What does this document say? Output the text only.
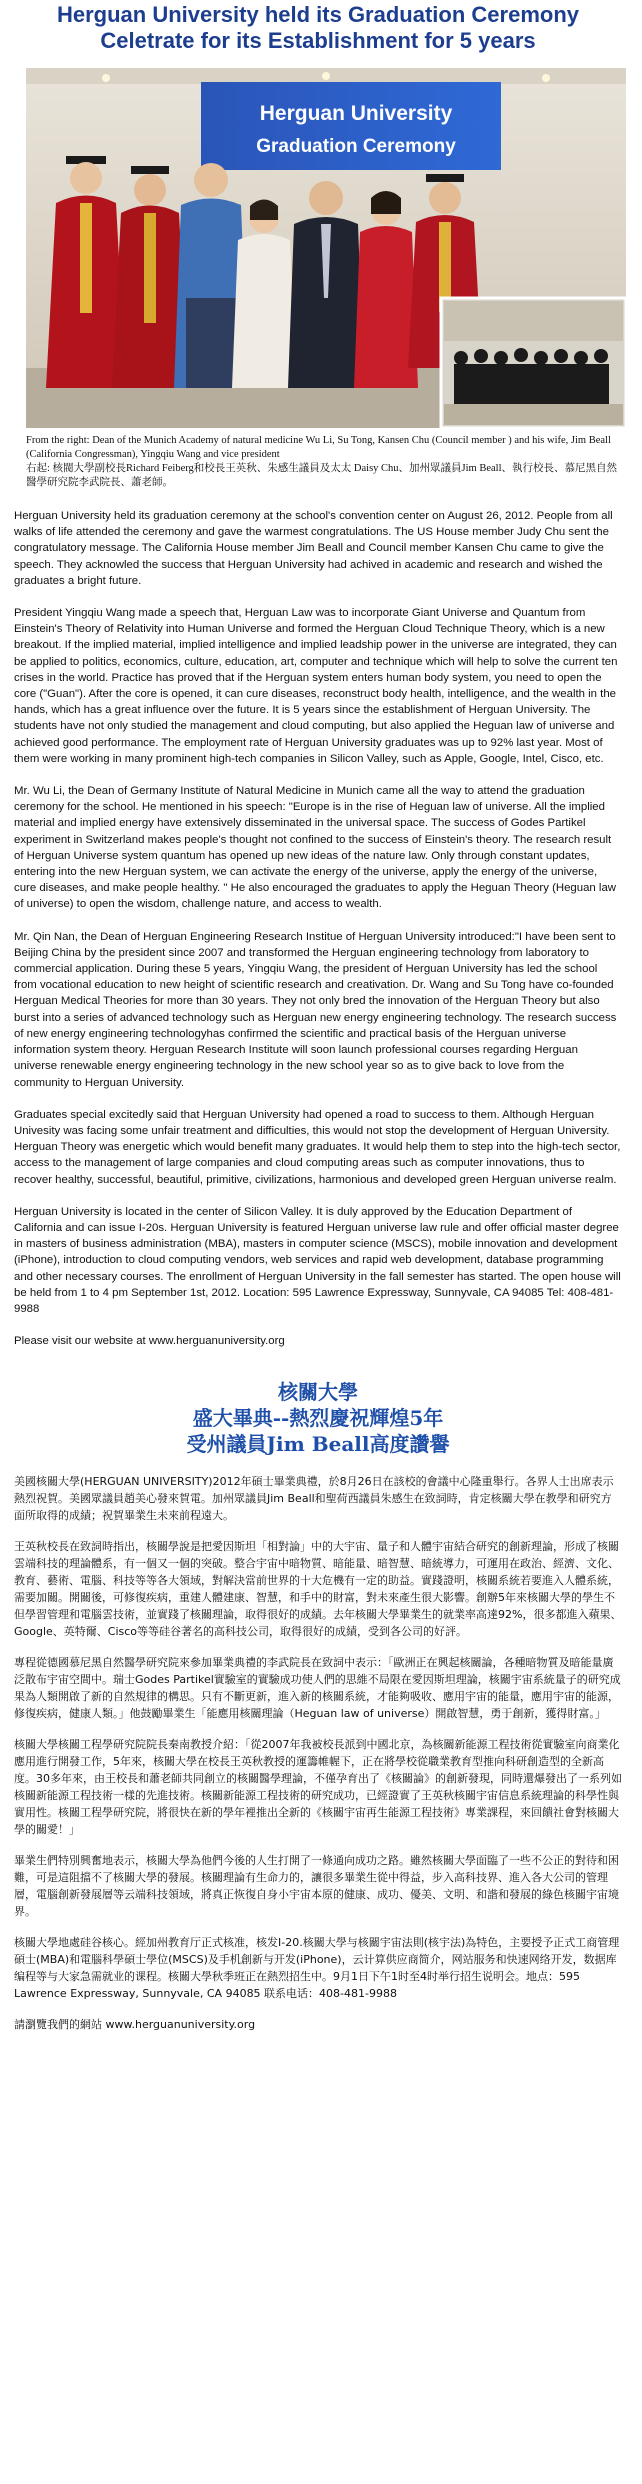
Herguan University held its Graduation Ceremony
Celetrate for its Establishment for 5 years
Herguan University
Graduation Ceremony
From the right: Dean of the Munich Academy of natural medicine Wu Li, Su Tong, Kansen Chu (Council member ) and his wife, Jim Beall (California Congressman), Yingqiu Wang and vice president
右起: 核閥大學副校長Richard Feiberg和校長王英秋、朱感生議員及太太 Daisy Chu、加州眾議員Jim Beall、執行校長、慕尼黑自然醫學研究院李武院長、蕭老師。

Herguan University held its graduation ceremony at the school's convention center on August 26, 2012. People from all walks of life attended the ceremony and gave the warmest congratulations. The US House member Judy Chu sent the congratulatory message. The California House member Jim Beall and Council member Kansen Chu came to give the speech. They acknowled the success that Herguan University had achived in academic and research and wished the graduates a bright future.

President Yingqiu Wang made a speech that, Herguan Law was to incorporate Giant Universe and Quantum from Einstein's Theory of Relativity into Human Universe and formed the Herguan Cloud Technique Theory, which is a new breakout. If the implied material, implied intelligence and implied leadship power in the universe are integrated, they can be applied to politics, economics, culture, education, art, computer and technique which will help to solve the current ten crises in the world. Practice has proved that if the Herguan system enters human body system, you need to open the core ("Guan"). After the core is opened, it can cure diseases, reconstruct body health, intelligence, and the wealth in the hands, which has a great influence over the future. It is 5 years since the establishment of Herguan University. The students have not only studied the management and cloud computing, but also applied the Heguan law of universe and achieved good performance. The employment rate of Herguan University graduates was up to 92% last year. Most of them were working in many prominent high-tech companies in Silicon Valley, such as Apple, Google, Intel, Cisco, etc.

Mr. Wu Li, the Dean of Germany Institute of Natural Medicine in Munich came all the way to attend the graduation ceremony for the school. He mentioned in his speech: "Europe is in the rise of Heguan law of universe. All the implied material and implied energy have extensively disseminated in the universal space. The success of Godes Partikel experiment in Switzerland makes people's thought not confined to the success of Einstein's theory. The research result of Herguan Universe system quantum has opened up new ideas of the nature law. Only through constant updates, entering into the new Herguan system, we can activate the energy of the universe, apply the energy of the universe, cure diseases, and make people healthy. " He also encouraged the graduates to apply the Heguan Theory (Heguan law of universe) to open the wisdom, challenge nature, and access to wealth.

Mr. Qin Nan, the Dean of Herguan Engineering Research Institue of Herguan University introduced:"I have been sent to Beijing China by the president since 2007 and transformed the Herguan engineering technology from laboratory to commercial application. During these 5 years, Yingqiu Wang, the president of Herguan University has led the school from vocational education to new height of scientific research and creativation. Dr. Wang and Su Tong have co-founded Herguan Medical Theories for more than 30 years. They not only bred the innovation of the Herguan Theory but also burst into a series of advanced technology such as Herguan new energy engineering technology. The research success of new energy engineering technologyhas confirmed the scientific and practical basis of the Herguan universe information system theory. Herguan Research Institute will soon launch professional courses regarding Herguan universe renewable energy engineering technology in the new school year so as to give back to love from the community to Herguan University.

Graduates special excitedly said that Herguan University had opened a road to success to them. Although Herguan Univesity was facing some unfair treatment and difficulties, this would not stop the development of Herguan University. Herguan Theory was energetic which would benefit many graduates. It would help them to step into the high-tech sector, access to the management of large companies and cloud computing areas such as computer innovations, thus to recover healthy, successful, beautiful, primitive, civilizations, harmonious and developed green Herguan universe realm.

Herguan University is located in the center of Silicon Valley. It is duly approved by the Education Department of California and can issue I-20s. Herguan University is featured Herguan universe law rule and offer official master degree in masters of business administration (MBA), masters in computer science (MSCS), mobile innovation and development (iPhone), introduction to cloud computing vendors, web services and rapid web development, database programming and other necessary courses. The enrollment of Herguan University in the fall semester has started. The open house will be held from 1 to 4 pm September 1st, 2012. Location: 595 Lawrence Expressway, Sunnyvale, CA 94085 Tel: 408-481-9988

Please visit our website at www.herguanuniversity.org

核關大學
盛大畢典--熱烈慶祝輝煌5年
受州議員Jim Beall高度讚譽

美國核關大學(HERGUAN UNIVERSITY)2012年碩士畢業典禮，於8月26日在該校的會議中心隆重舉行。各界人士出席表示熱烈祝賀。美國眾議員趙美心發來賀電。加州眾議員Jim Beall和聖荷西議員朱感生在致詞時，肯定核關大學在教學和研究方面所取得的成績；祝賀畢業生未來前程遠大。

王英秋校長在致詞時指出，核關學說是把愛因斯坦「相對論」中的大宇宙、量子和人體宇宙結合研究的創新理論，形成了核關雲端科技的理論體系，有一個又一個的突破。整合宇宙中暗物質、暗能量、暗智慧、暗統導力，可運用在政治、經濟、文化、教育、藝術、電腦、科技等等各大領域，對解決當前世界的十大危機有一定的助益。實踐證明，核關系統若要進入人體系統，需要加關。開關後，可修復疾病，重建人體建康、智慧，和手中的財富，對未來產生很大影響。創辦5年來核關大學的學生不但學習管理和電腦雲技術，並實踐了核關理論，取得很好的成績。去年核關大學畢業生的就業率高達92%，很多都進入蘋果、Google、英特爾、Cisco等等硅谷著名的高科技公司，取得很好的成績，受到各公司的好評。

專程從德國慕尼黑自然醫學研究院來參加畢業典禮的李武院長在致詞中表示：「歐洲正在興起核關論，各種暗物質及暗能量廣泛散布宇宙空間中。瑞士Godes Partikel實驗室的實驗成功使人們的思維不局限在愛因斯坦理論，核關宇宙系統量子的研究成果為人類開啟了新的自然規律的構思。只有不斷更新，進入新的核關系統，才能夠吸收、應用宇宙的能量，應用宇宙的能源，修復疾病，健康人類。」他鼓勵畢業生「能應用核關理論（Heguan law of universe）開啟智慧，勇于創新，獲得財富。」

核關大學核關工程學研究院院長秦南教授介紹：「從2007年我被校長派到中國北京，為核關新能源工程技術從實驗室向商業化應用進行開發工作，5年來，核關大學在校長王英秋教授的運籌帷幄下，正在將學校從職業教育型推向科研創造型的全新高度。30多年來，由王校長和蕭老師共同創立的核關醫學理論，不僅孕育出了《核關論》的創新發現，同時還爆發出了一系列如核關新能源工程技術一樣的先進技術。核關新能源工程技術的研究成功，已經證實了王英秋核關宇宙信息系統理論的科學性與實用性。核關工程學研究院，將很快在新的學年裡推出全新的《核關宇宙再生能源工程技術》專業課程，來回饋社會對核關大學的關愛！」

畢業生們特別興奮地表示，核關大學為他們今後的人生打開了一條通向成功之路。雖然核關大學面臨了一些不公正的對待和困難，可是這阻擋不了核關大學的發展。核關理論有生命力的，讓很多畢業生從中得益，步入高科技界、進入各大公司的管理層，電腦創新發展層等云端科技領域，將真正恢復自身小宇宙本原的健康、成功、優美、文明、和諧和發展的綠色核關宇宙境界。

核關大學地處硅谷核心。經加州教育厅正式核准，核发I-20.核關大學与核關宇宙法則(核宇法)為特色，主要授予正式工商管理碩士(MBA)和電腦科學碩士學位(MSCS)及手机創新与开发(iPhone)，云计算供应商简介，网站服务和快速网络开发，数据库编程等与大家急需就业的课程。核關大學秋季班正在熱烈招生中。9月1日下午1时至4时举行招生说明会。地点：595 Lawrence Expressway, Sunnyvale, CA 94085 联系电话：408-481-9988

請瀏覽我們的網站 www.herguanuniversity.org
